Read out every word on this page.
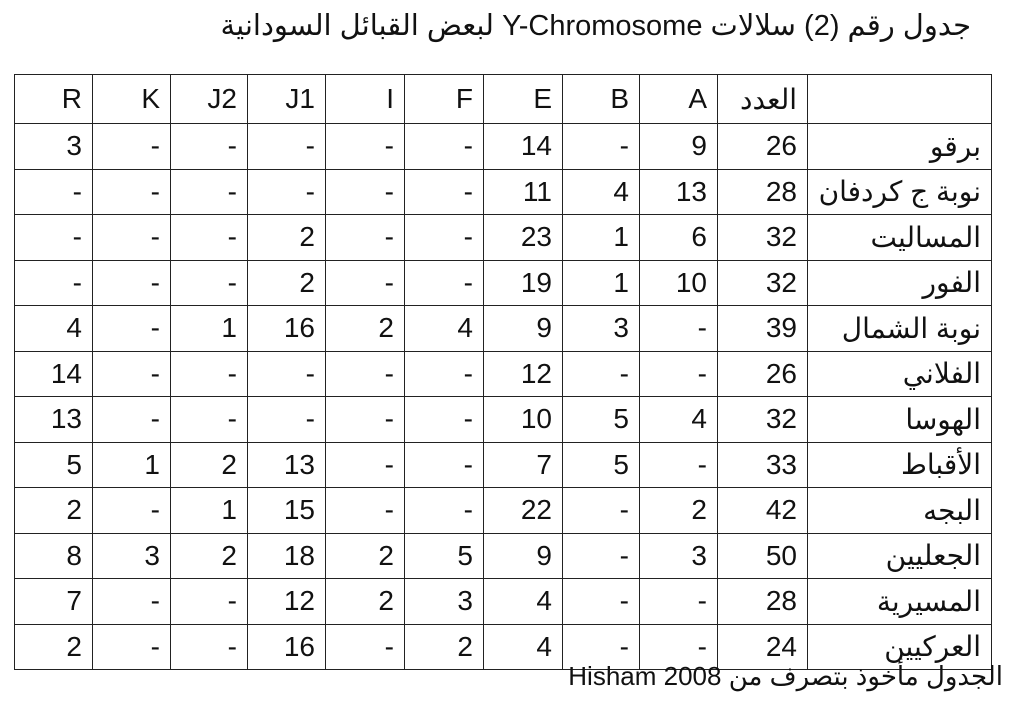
جدول رقم (2) سلالات Y-Chromosome لبعض القبائل السودانية
R	K	J2	J1	I	F	E	B	A	العدد	
3	-	-	-	-	-	14	-	9	26	برقو
-	-	-	-	-	-	11	4	13	28	نوبة ج كردفان
-	-	-	2	-	-	23	1	6	32	المساليت
-	-	-	2	-	-	19	1	10	32	الفور
4	-	1	16	2	4	9	3	-	39	نوبة الشمال
14	-	-	-	-	-	12	-	-	26	الفلاني
13	-	-	-	-	-	10	5	4	32	الهوسا
5	1	2	13	-	-	7	5	-	33	الأقباط
2	-	1	15	-	-	22	-	2	42	البجه
8	3	2	18	2	5	9	-	3	50	الجعليين
7	-	-	12	2	3	4	-	-	28	المسيرية
2	-	-	16	-	2	4	-	-	24	العركيين
الجدول مأخوذ بتصرف من Hisham 2008
